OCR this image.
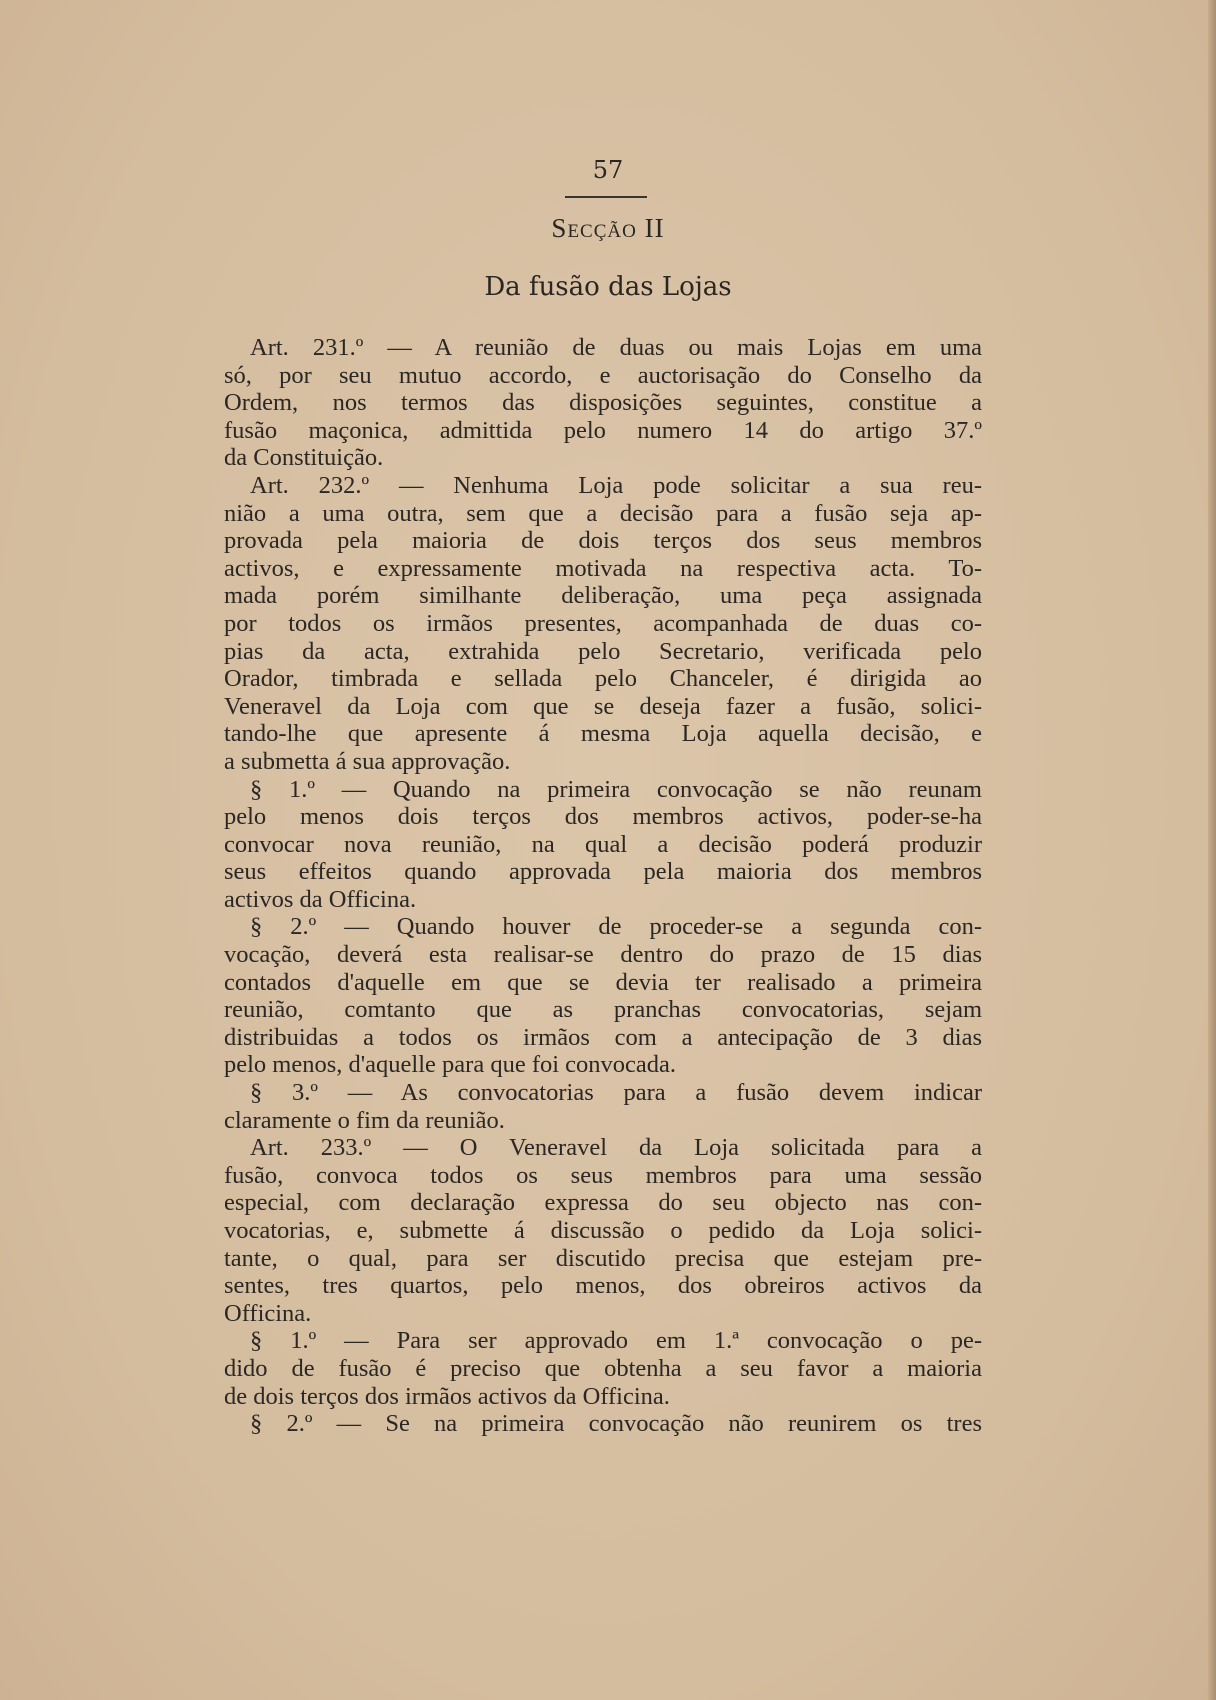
57
Secção II
Da fusão das Lojas
Art. 231.º — A reunião de duas ou mais Lojas em uma
só, por seu mutuo accordo, e auctorisação do Conselho da
Ordem, nos termos das disposições seguintes, constitue a
fusão maçonica, admittida pelo numero 14 do artigo 37.º
da Constituição.
Art. 232.º — Nenhuma Loja pode solicitar a sua reu-
nião a uma outra, sem que a decisão para a fusão seja ap-
provada pela maioria de dois terços dos seus membros
activos, e expressamente motivada na respectiva acta. To-
mada porém similhante deliberação, uma peça assignada
por todos os irmãos presentes, acompanhada de duas co-
pias da acta, extrahida pelo Secretario, verificada pelo
Orador, timbrada e sellada pelo Chanceler, é dirigida ao
Veneravel da Loja com que se deseja fazer a fusão, solici-
tando-lhe que apresente á mesma Loja aquella decisão, e
a submetta á sua approvação.
§ 1.º — Quando na primeira convocação se não reunam
pelo menos dois terços dos membros activos, poder-se-ha
convocar nova reunião, na qual a decisão poderá produzir
seus effeitos quando approvada pela maioria dos membros
activos da Officina.
§ 2.º — Quando houver de proceder-se a segunda con-
vocação, deverá esta realisar-se dentro do prazo de 15 dias
contados d'aquelle em que se devia ter realisado a primeira
reunião, comtanto que as pranchas convocatorias, sejam
distribuidas a todos os irmãos com a antecipação de 3 dias
pelo menos, d'aquelle para que foi convocada.
§ 3.º — As convocatorias para a fusão devem indicar
claramente o fim da reunião.
Art. 233.º — O Veneravel da Loja solicitada para a
fusão, convoca todos os seus membros para uma sessão
especial, com declaração expressa do seu objecto nas con-
vocatorias, e, submette á discussão o pedido da Loja solici-
tante, o qual, para ser discutido precisa que estejam pre-
sentes, tres quartos, pelo menos, dos obreiros activos da
Officina.
§ 1.º — Para ser approvado em 1.ª convocação o pe-
dido de fusão é preciso que obtenha a seu favor a maioria
de dois terços dos irmãos activos da Officina.
§ 2.º — Se na primeira convocação não reunirem os tres
